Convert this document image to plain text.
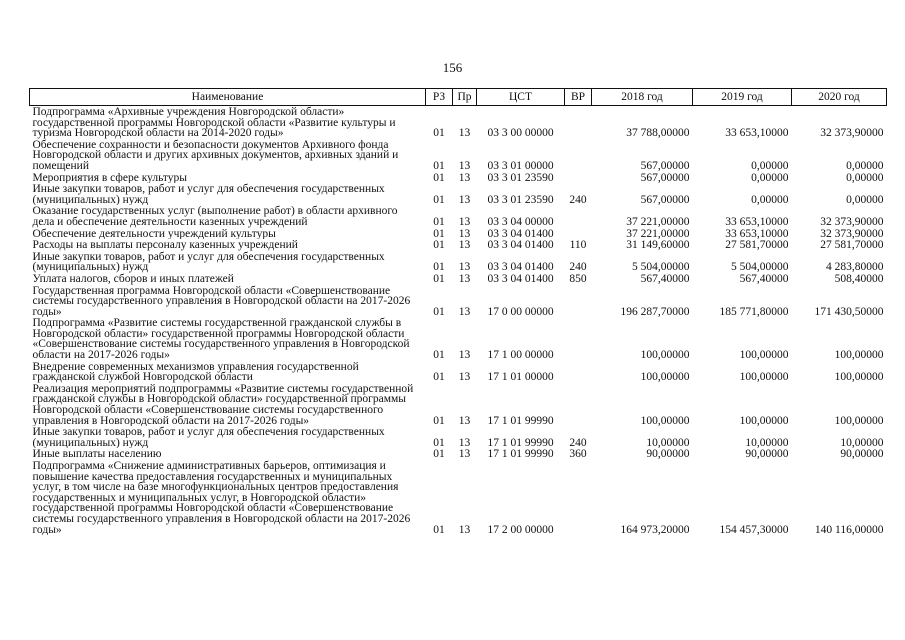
156
Наименование	РЗ	Пр	ЦСТ	ВР	2018 год	2019 год	2020 год
Подпрограмма «Архивные учреждения Новгородской области» государственной программы Новгородской области «Развитие культуры и туризма Новгородской области на 2014-2020 годы»	01	13	03 3 00 00000		37 788,00000	33 653,10000	32 373,90000
Обеспечение сохранности и безопасности документов Архивного фонда Новгородской области и других архивных документов, архивных зданий и помещений	01	13	03 3 01 00000		567,00000	0,00000	0,00000
Мероприятия в сфере культуры	01	13	03 3 01 23590		567,00000	0,00000	0,00000
Иные закупки товаров, работ и услуг для обеспечения государственных (муниципальных) нужд	01	13	03 3 01 23590	240	567,00000	0,00000	0,00000
Оказание государственных услуг (выполнение работ) в области архивного дела и обеспечение деятельности казенных учреждений	01	13	03 3 04 00000		37 221,00000	33 653,10000	32 373,90000
Обеспечение деятельности учреждений культуры	01	13	03 3 04 01400		37 221,00000	33 653,10000	32 373,90000
Расходы на выплаты персоналу казенных учреждений	01	13	03 3 04 01400	110	31 149,60000	27 581,70000	27 581,70000
Иные закупки товаров, работ и услуг для обеспечения государственных (муниципальных) нужд	01	13	03 3 04 01400	240	5 504,00000	5 504,00000	4 283,80000
Уплата налогов, сборов и иных платежей	01	13	03 3 04 01400	850	567,40000	567,40000	508,40000
Государственная программа Новгородской области «Совершенствование системы государственного управления в Новгородской области на 2017-2026 годы»	01	13	17 0 00 00000		196 287,70000	185 771,80000	171 430,50000
Подпрограмма «Развитие системы государственной гражданской службы в Новгородской области» государственной программы Новгородской области «Совершенствование системы государственного управления в Новгородской области на 2017-2026 годы»	01	13	17 1 00 00000		100,00000	100,00000	100,00000
Внедрение современных механизмов управления государственной гражданской службой Новгородской области	01	13	17 1 01 00000		100,00000	100,00000	100,00000
Реализация мероприятий подпрограммы «Развитие системы государственной гражданской службы в Новгородской области» государственной программы Новгородской области «Совершенствование системы государственного управления в Новгородской области на 2017-2026 годы»	01	13	17 1 01 99990		100,00000	100,00000	100,00000
Иные закупки товаров, работ и услуг для обеспечения государственных (муниципальных) нужд	01	13	17 1 01 99990	240	10,00000	10,00000	10,00000
Иные выплаты населению	01	13	17 1 01 99990	360	90,00000	90,00000	90,00000
Подпрограмма «Снижение административных барьеров, оптимизация и повышение качества предоставления государственных и муниципальных услуг, в том числе на базе многофункциональных центров предоставления государственных и муниципальных услуг, в Новгородской области» государственной программы Новгородской области «Совершенствование системы государственного управления в Новгородской области на 2017-2026 годы»	01	13	17 2 00 00000		164 973,20000	154 457,30000	140 116,00000
